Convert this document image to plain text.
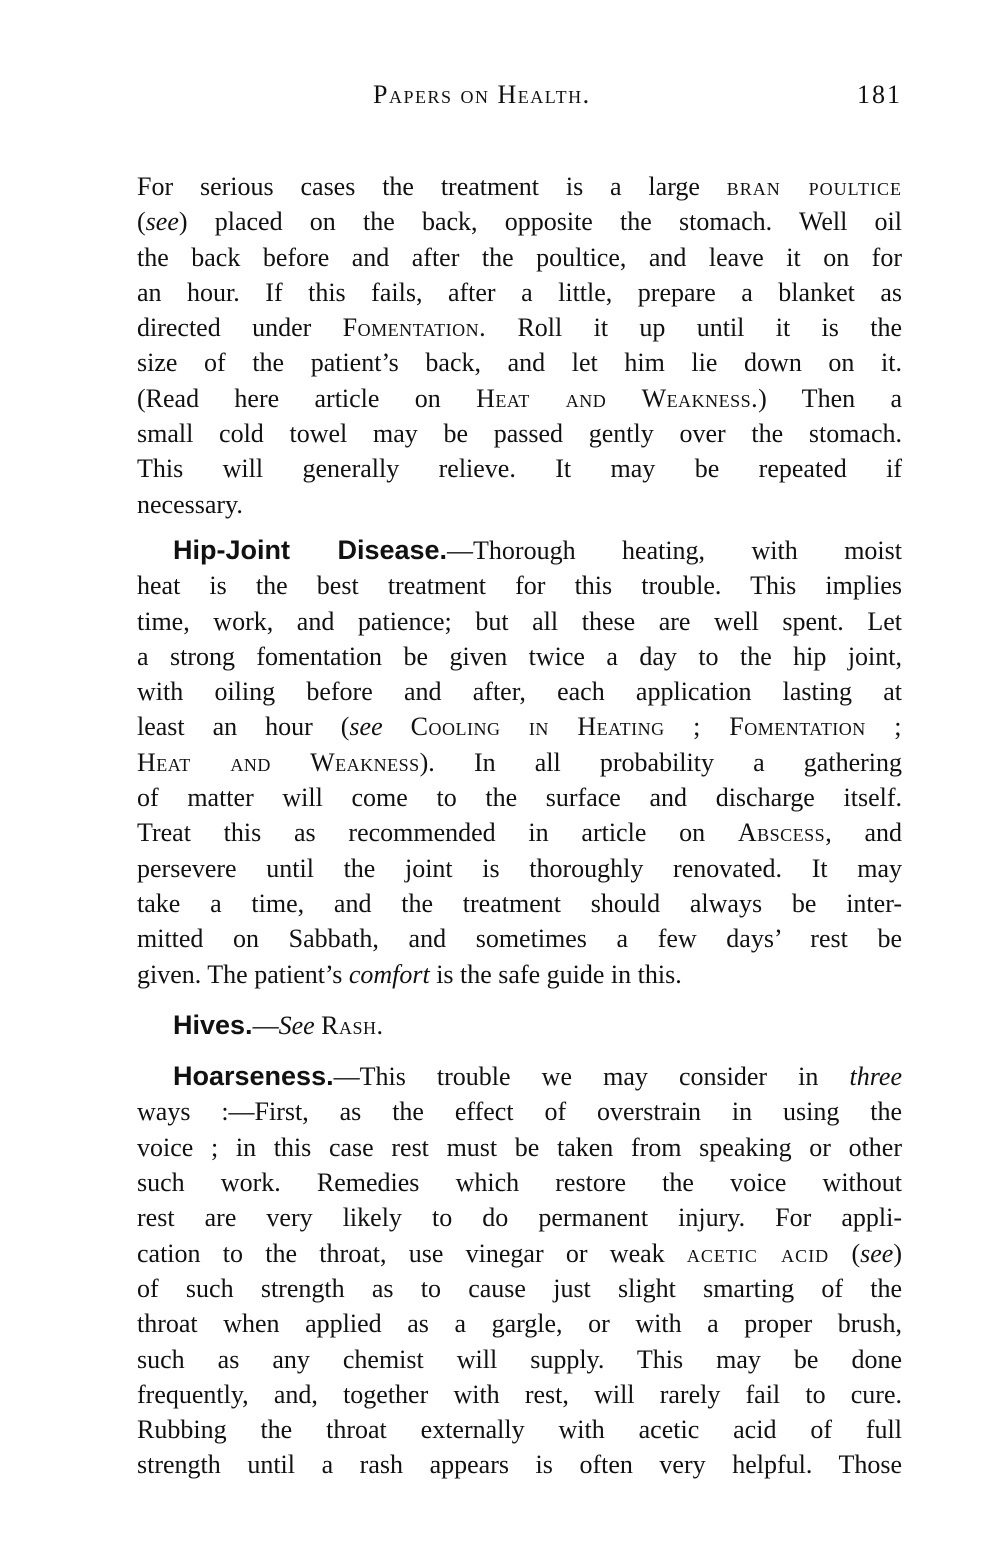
Papers on Health.	181
For serious cases the treatment is a large bran poultice
(see) placed on the back, opposite the stomach. Well oil
the back before and after the poultice, and leave it on for
an hour. If this fails, after a little, prepare a blanket as
directed under Fomentation. Roll it up until it is the
size of the patient’s back, and let him lie down on it.
(Read here article on Heat and Weakness.) Then a
small cold towel may be passed gently over the stomach.
This will generally relieve. It may be repeated if
necessary.
Hip-Joint Disease.—Thorough heating, with moist
heat is the best treatment for this trouble. This implies
time, work, and patience; but all these are well spent. Let
a strong fomentation be given twice a day to the hip joint,
with oiling before and after, each application lasting at
least an hour (see Cooling in Heating ; Fomentation ;
Heat and Weakness). In all probability a gathering
of matter will come to the surface and discharge itself.
Treat this as recommended in article on Abscess, and
persevere until the joint is thoroughly renovated. It may
take a time, and the treatment should always be inter-
mitted on Sabbath, and sometimes a few days’ rest be
given. The patient’s comfort is the safe guide in this.
Hives.—See Rash.
Hoarseness.—This trouble we may consider in three
ways :—First, as the effect of overstrain in using the
voice ; in this case rest must be taken from speaking or other
such work. Remedies which restore the voice without
rest are very likely to do permanent injury. For appli-
cation to the throat, use vinegar or weak acetic acid (see)
of such strength as to cause just slight smarting of the
throat when applied as a gargle, or with a proper brush,
such as any chemist will supply. This may be done
frequently, and, together with rest, will rarely fail to cure.
Rubbing the throat externally with acetic acid of full
strength until a rash appears is often very helpful. Those
